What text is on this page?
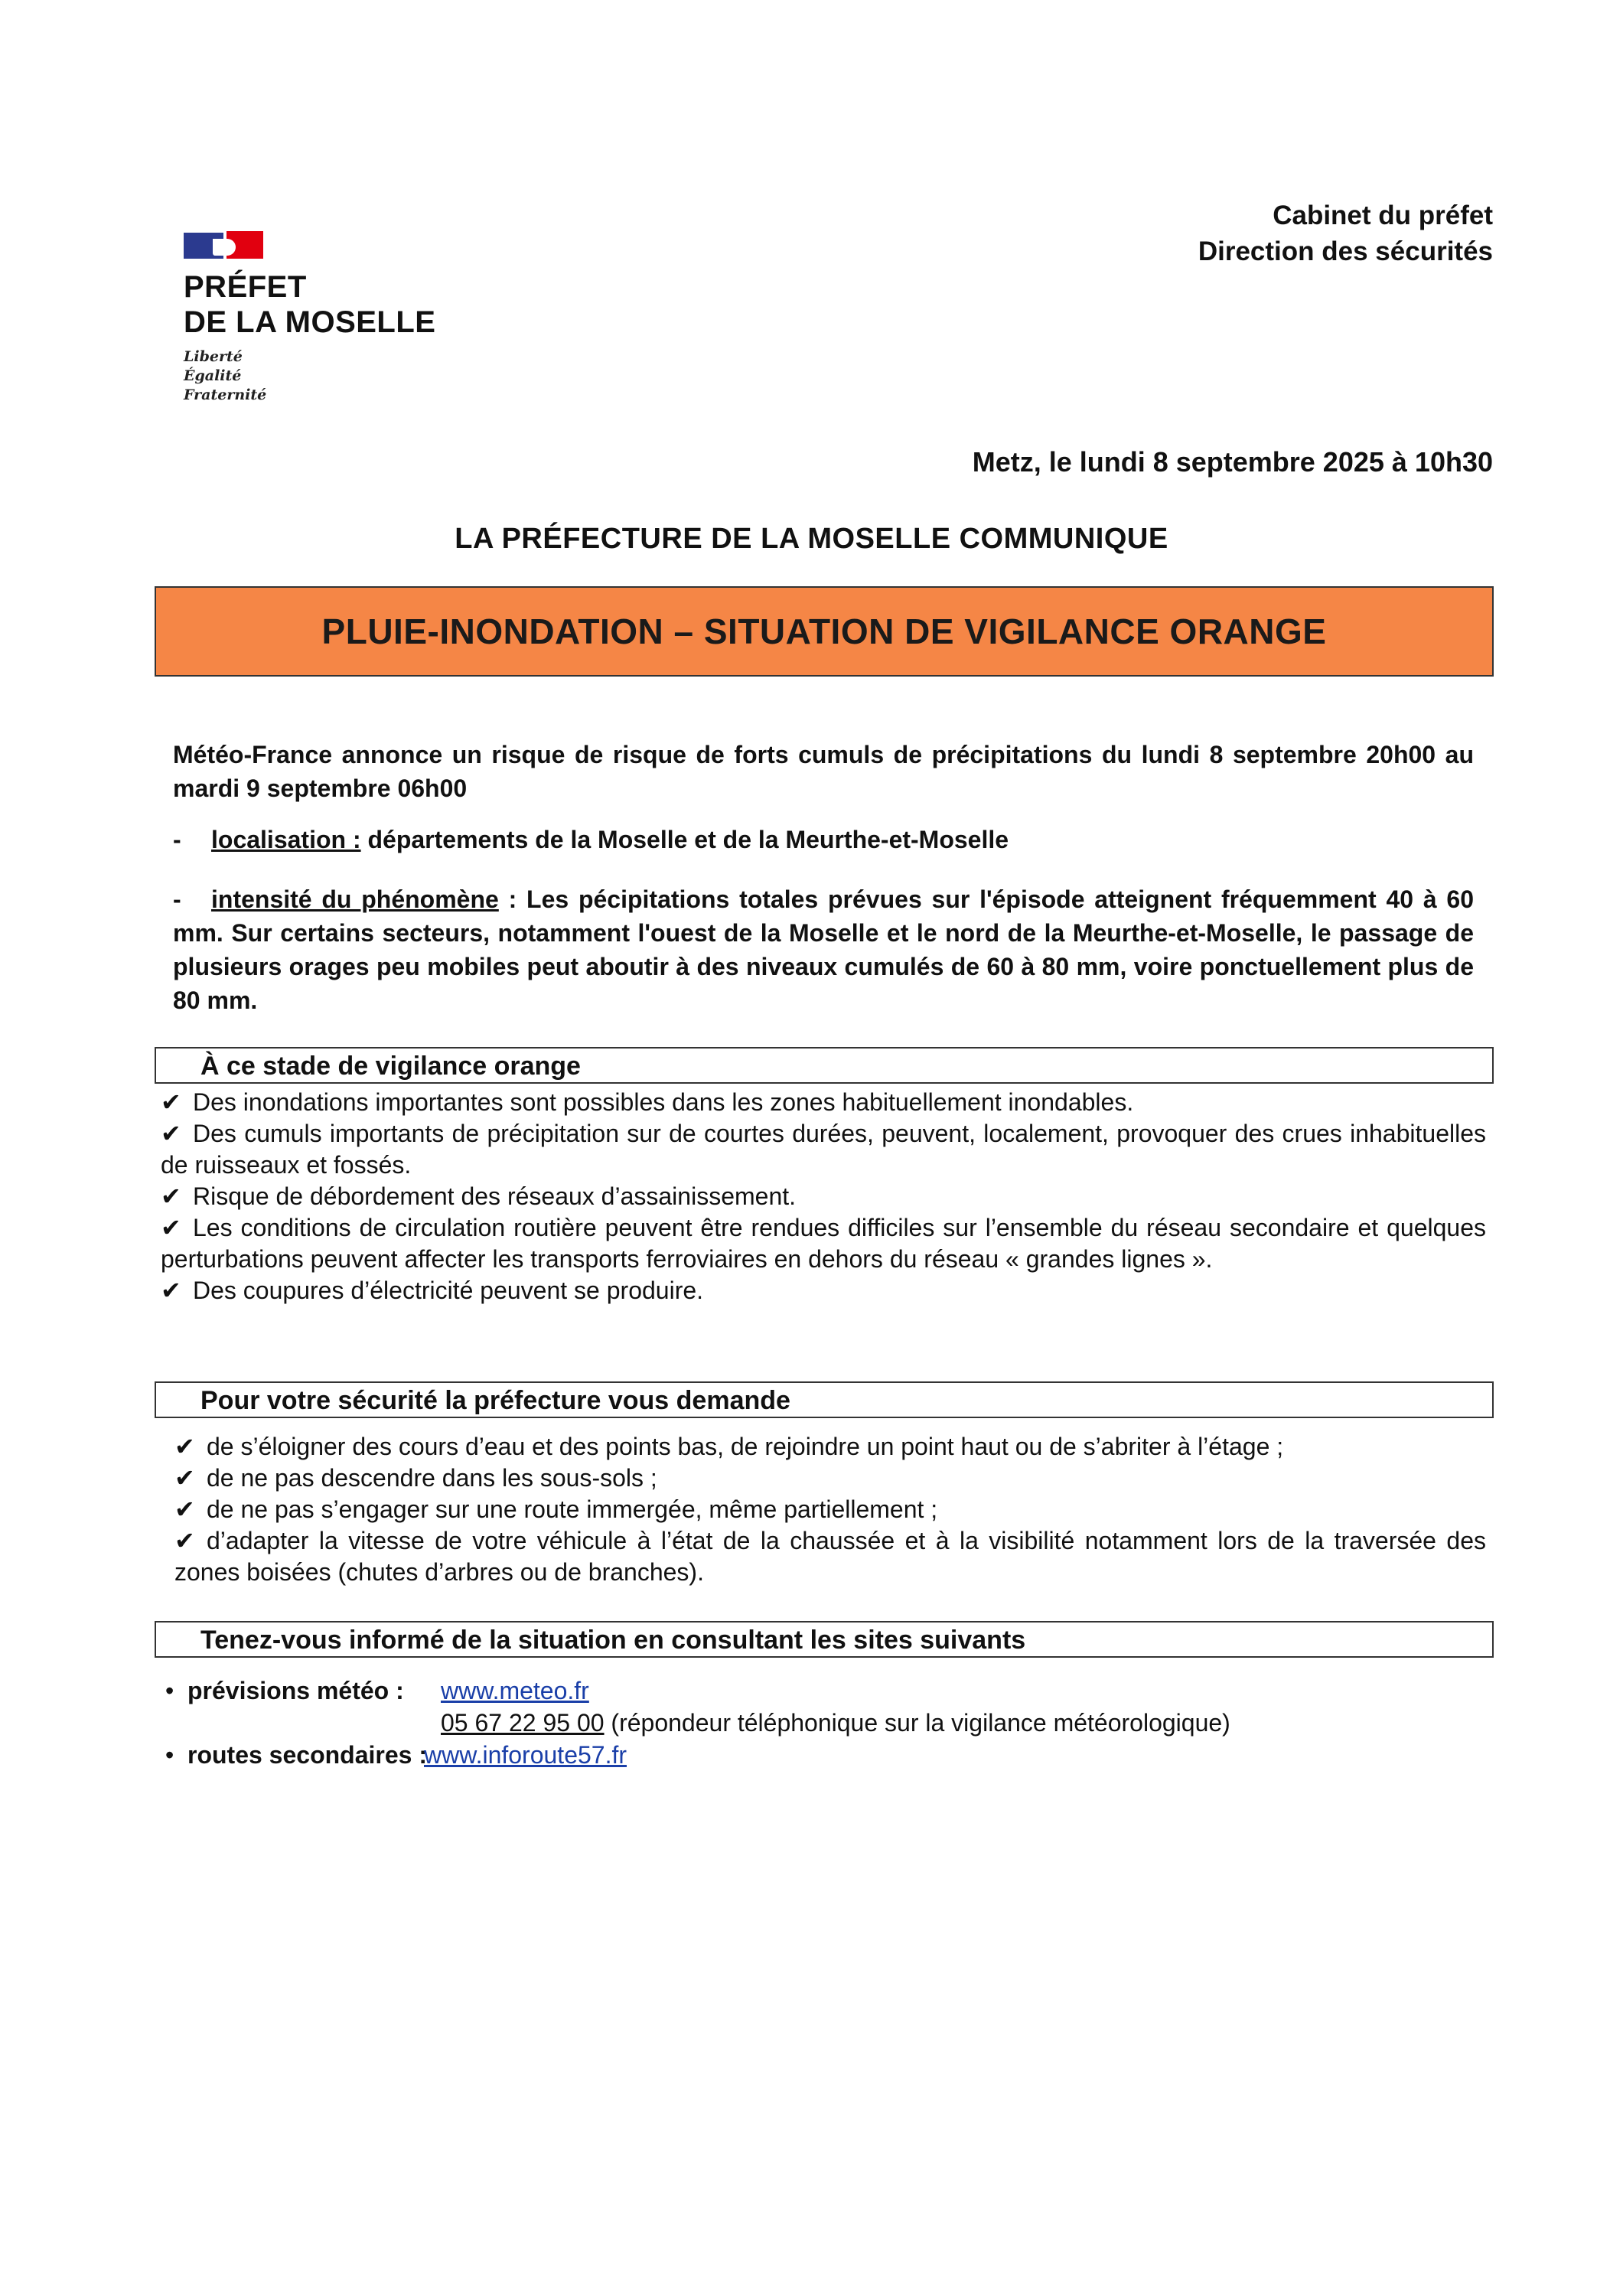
PRÉFET
DE LA MOSELLE
Liberté
Égalité
Fraternité
Cabinet du préfet
Direction des sécurités
Metz, le lundi 8 septembre 2025 à 10h30
LA PRÉFECTURE DE LA MOSELLE COMMUNIQUE
PLUIE-INONDATION – SITUATION DE VIGILANCE ORANGE
Météo-France annonce un risque de risque de forts cumuls de précipitations du lundi 8 septembre 20h00 au mardi 9 septembre 06h00
- localisation : départements de la Moselle et de la Meurthe-et-Moselle
- intensité du phénomène : Les pécipitations totales prévues sur l'épisode atteignent fréquemment 40 à 60 mm. Sur certains secteurs, notamment l'ouest de la Moselle et le nord de la Meurthe-et-Moselle, le passage de plusieurs orages peu mobiles peut aboutir à des niveaux cumulés de 60 à 80 mm, voire ponctuellement plus de 80 mm.
À ce stade de vigilance orange

✔ Des inondations importantes sont possibles dans les zones habituellement inondables.

✔ Des cumuls importants de précipitation sur de courtes durées, peuvent, localement, provoquer des crues inhabituelles de ruisseaux et fossés.

✔ Risque de débordement des réseaux d’assainissement.

✔ Les conditions de circulation routière peuvent être rendues difficiles sur l’ensemble du réseau secondaire et quelques perturbations peuvent affecter les transports ferroviaires en dehors du réseau « grandes lignes ».

✔ Des coupures d’électricité peuvent se produire.

Pour votre sécurité la préfecture vous demande

✔ de s’éloigner des cours d’eau et des points bas, de rejoindre un point haut ou de s’abriter à l’étage ;

✔ de ne pas descendre dans les sous-sols ;

✔ de ne pas s’engager sur une route immergée, même partiellement ;

✔ d’adapter la vitesse de votre véhicule à l’état de la chaussée et à la visibilité notamment lors de la traversée des zones boisées (chutes d’arbres ou de branches).

Tenez-vous informé de la situation en consultant les sites suivants
•  prévisions météo : www.meteo.fr
05 67 22 95 00 (répondeur téléphonique sur la vigilance météorologique)
•  routes secondaires :
www.inforoute57.fr
